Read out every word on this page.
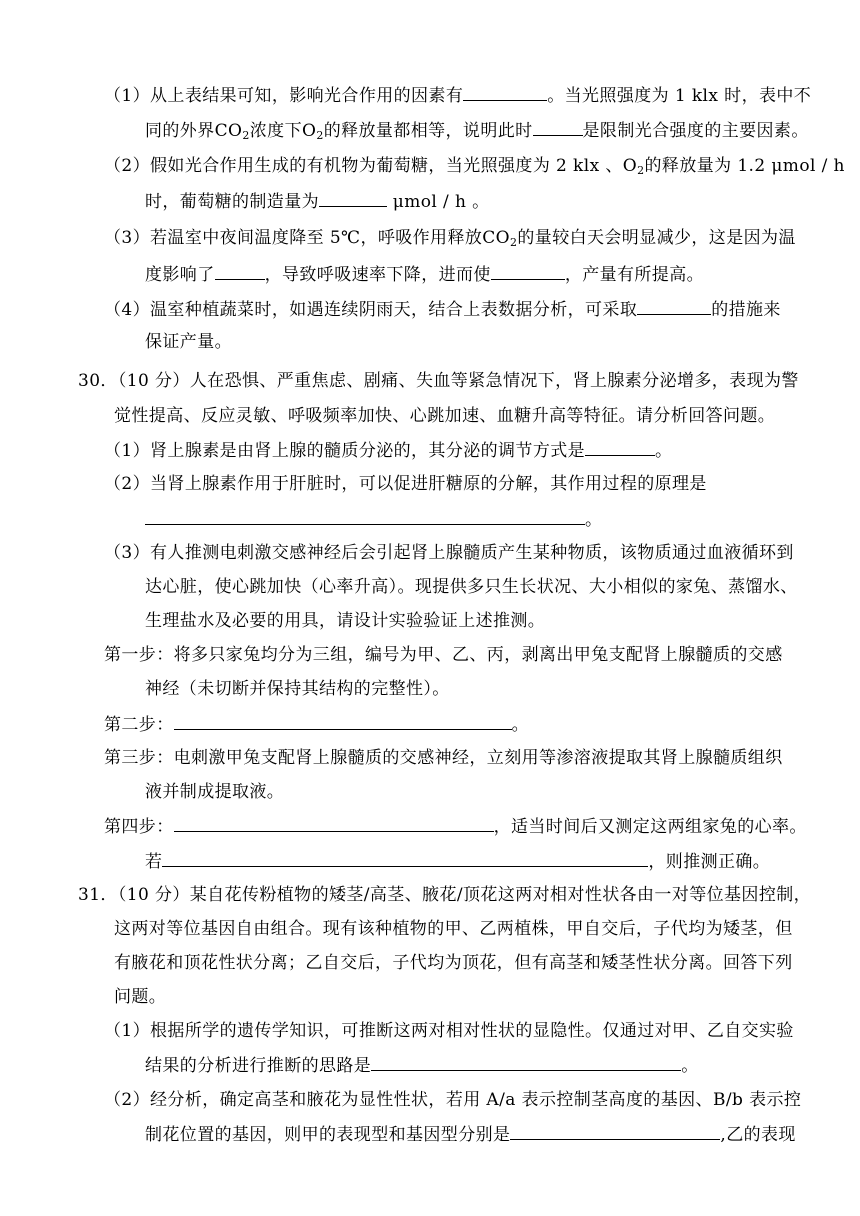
（1）从上表结果可知，影响光合作用的因素有	。当光照强度为 1 klx 时，表中不
同的外界$CO_2$浓度下$O_2$的释放量都相等，说明此时	是限制光合强度的主要因素。
（2）假如光合作用生成的有机物为葡萄糖，当光照强度为 2 klx 、$O_2$的释放量为 1.2 μmol / h
时，葡萄糖的制造量为	μmol / h 。
（3）若温室中夜间温度降至 5℃，呼吸作用释放$CO_2$的量较白天会明显减少，这是因为温
度影响了	，导致呼吸速率下降，进而使	，产量有所提高。
（4）温室种植蔬菜时，如遇连续阴雨天，结合上表数据分析，可采取	的措施来
保证产量。
30．（10 分）人在恐惧、严重焦虑、剧痛、失血等紧急情况下，肾上腺素分泌增多，表现为警
觉性提高、反应灵敏、呼吸频率加快、心跳加速、血糖升高等特征。请分析回答问题。
（1）肾上腺素是由肾上腺的髓质分泌的，其分泌的调节方式是	。
（2）当肾上腺素作用于肝脏时，可以促进肝糖原的分解，其作用过程的原理是
。
（3）有人推测电刺激交感神经后会引起肾上腺髓质产生某种物质，该物质通过血液循环到
达心脏，使心跳加快（心率升高）。现提供多只生长状况、大小相似的家兔、蒸馏水、
生理盐水及必要的用具，请设计实验验证上述推测。
第一步：将多只家兔均分为三组，编号为甲、乙、丙，剥离出甲兔支配肾上腺髓质的交感
神经（未切断并保持其结构的完整性）。
第二步：	。
第三步：电刺激甲兔支配肾上腺髓质的交感神经，立刻用等渗溶液提取其肾上腺髓质组织
液并制成提取液。
第四步：	，适当时间后又测定这两组家兔的心率。
若	，则推测正确。
31．（10 分）某自花传粉植物的矮茎/高茎、腋花/顶花这两对相对性状各由一对等位基因控制，
这两对等位基因自由组合。现有该种植物的甲、乙两植株，甲自交后，子代均为矮茎，但
有腋花和顶花性状分离；乙自交后，子代均为顶花，但有高茎和矮茎性状分离。回答下列
问题。
（1）根据所学的遗传学知识，可推断这两对相对性状的显隐性。仅通过对甲、乙自交实验
结果的分析进行推断的思路是	。
（2）经分析，确定高茎和腋花为显性性状，若用 A/a 表示控制茎高度的基因、B/b 表示控
制花位置的基因，则甲的表现型和基因型分别是	,乙的表现
